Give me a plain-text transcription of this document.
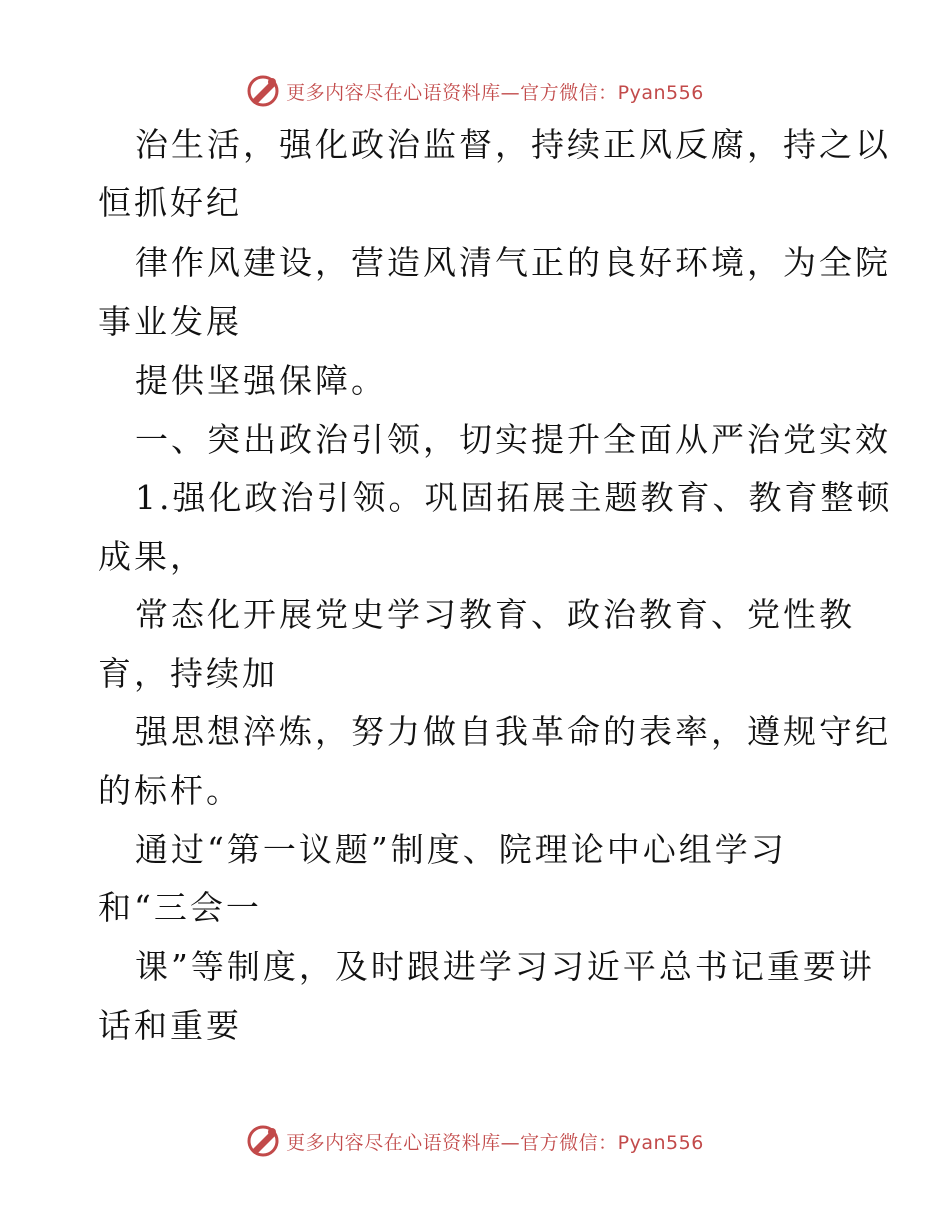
更多内容尽在心语资料库—官方微信：Pyan556
治生活，强化政治监督，持续正风反腐，持之以
恒抓好纪
律作风建设，营造风清气正的良好环境，为全院
事业发展
提供坚强保障。
一、突出政治引领，切实提升全面从严治党实效
1.强化政治引领。巩固拓展主题教育、教育整顿
成果，
常态化开展党史学习教育、政治教育、党性教
育，持续加
强思想淬炼，努力做自我革命的表率，遵规守纪
的标杆。
通过“第一议题”制度、院理论中心组学习
和“三会一
课”等制度，及时跟进学习习近平总书记重要讲
话和重要
更多内容尽在心语资料库—官方微信：Pyan556
